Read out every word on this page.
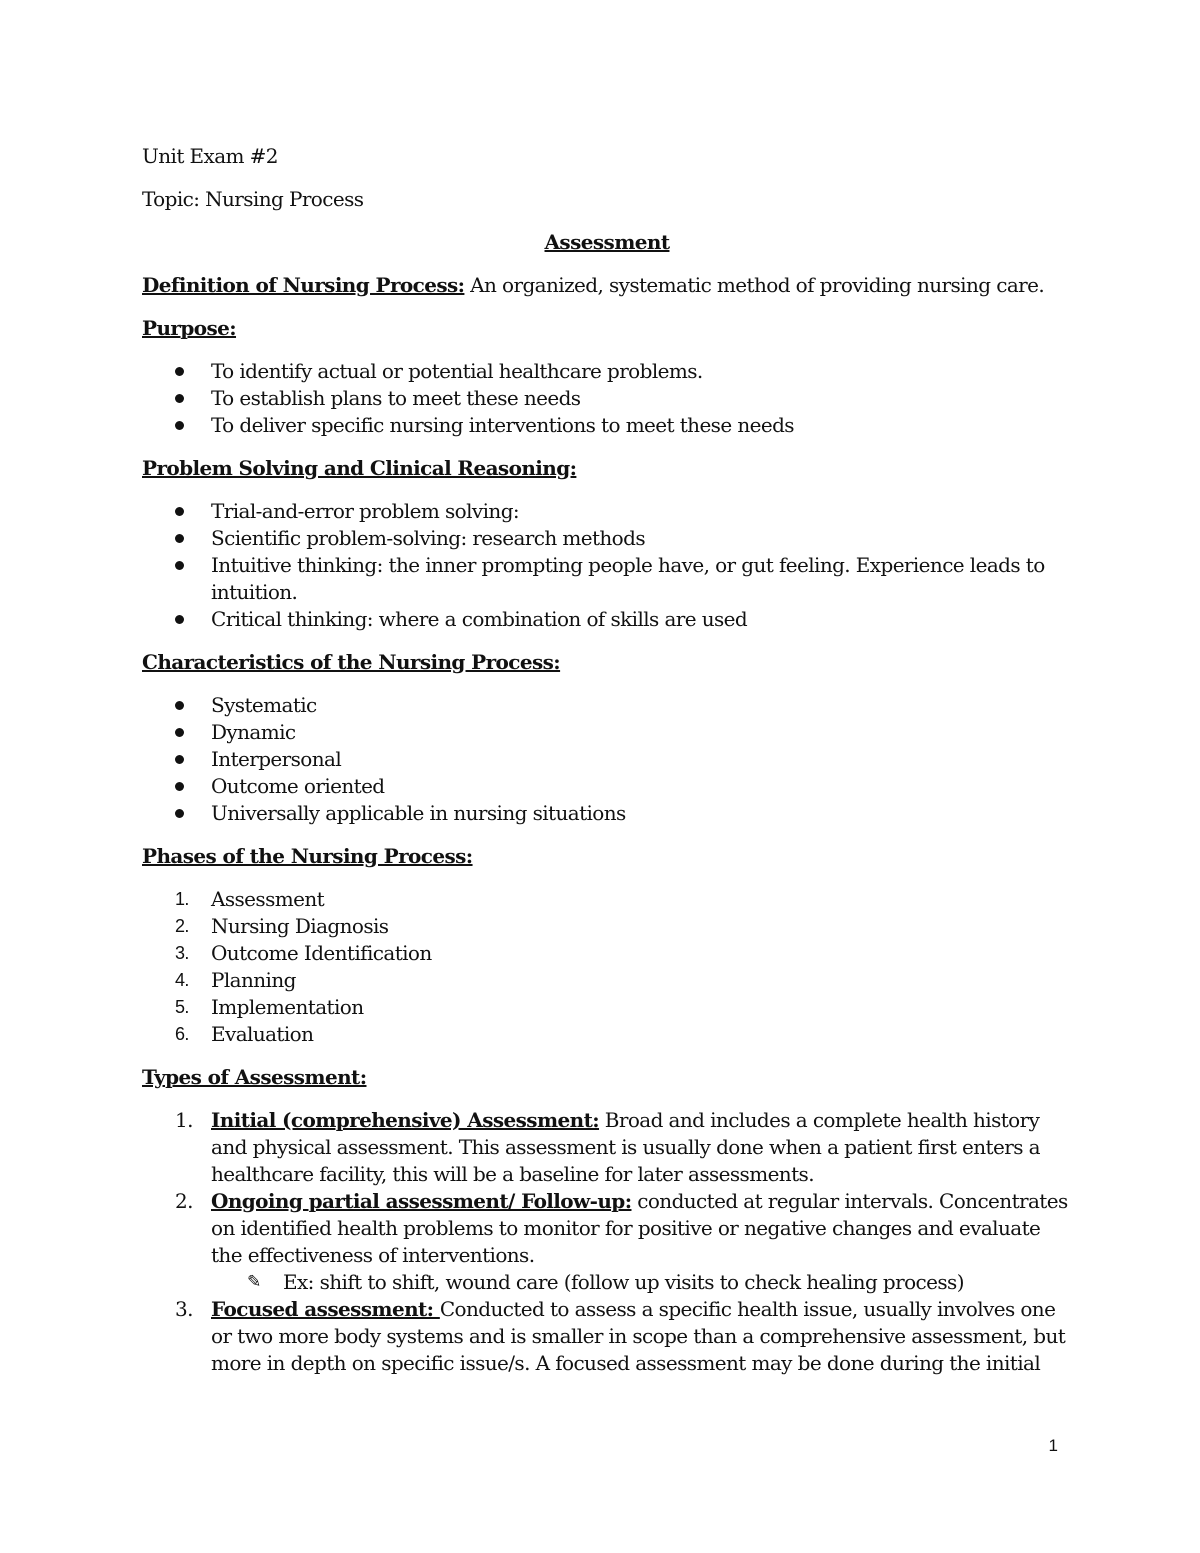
Unit Exam #2

Topic: Nursing Process

Assessment

Definition of Nursing Process: An organized, systematic method of providing nursing care.

Purpose:

To identify actual or potential healthcare problems.
To establish plans to meet these needs
To deliver specific nursing interventions to meet these needs

Problem Solving and Clinical Reasoning:

Trial-and-error problem solving:
Scientific problem-solving: research methods
Intuitive thinking: the inner prompting people have, or gut feeling. Experience leads to intuition.
Critical thinking: where a combination of skills are used

Characteristics of the Nursing Process:

Systematic
Dynamic
Interpersonal
Outcome oriented
Universally applicable in nursing situations

Phases of the Nursing Process:

1. Assessment
2. Nursing Diagnosis
3. Outcome Identification
4. Planning
5. Implementation
6. Evaluation

Types of Assessment:

1. Initial (comprehensive) Assessment: Broad and includes a complete health history and physical assessment. This assessment is usually done when a patient first enters a healthcare facility, this will be a baseline for later assessments.
2. Ongoing partial assessment/ Follow-up: conducted at regular intervals. Concentrates on identified health problems to monitor for positive or negative changes and evaluate the effectiveness of interventions.
✎ Ex: shift to shift, wound care (follow up visits to check healing process)
3. Focused assessment: Conducted to assess a specific health issue, usually involves one or two more body systems and is smaller in scope than a comprehensive assessment, but more in depth on specific issue/s. A focused assessment may be done during the initial
1
